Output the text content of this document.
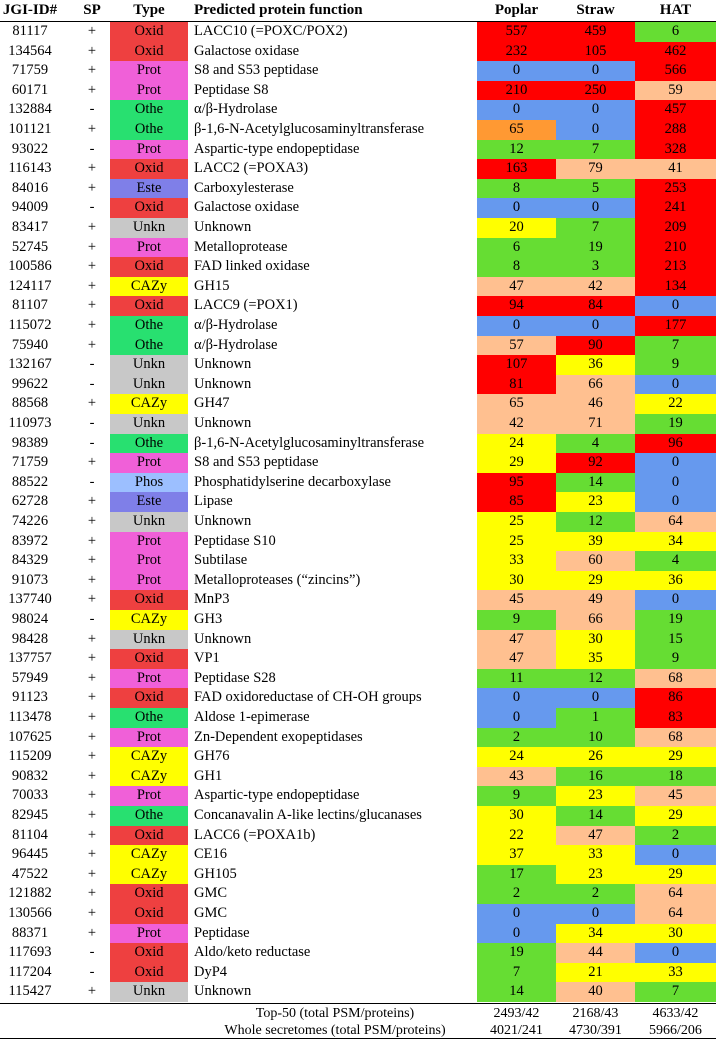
JGI-ID# SP	Type	Predicted protein function	Poplar	Straw	HAT
81117	+	Oxid	LACC10 (=POXC/POX2)	557	459	6
134564	+	Oxid	Galactose oxidase	232	105	462
71759	+	Prot	S8 and S53 peptidase	0	0	566
60171	+	Prot	Peptidase S8	210	250	59
132884	-	Othe	α/β-Hydrolase	0	0	457
101121	+	Othe	β-1,6-N-Acetylglucosaminyltransferase	65	0	288
93022	-	Prot	Aspartic-type endopeptidase	12	7	328
116143	+	Oxid	LACC2 (=POXA3)	163	79	41
84016	+	Este	Carboxylesterase	8	5	253
94009	-	Oxid	Galactose oxidase	0	0	241
83417	+	Unkn	Unknown	20	7	209
52745	+	Prot	Metalloprotease	6	19	210
100586	+	Oxid	FAD linked oxidase	8	3	213
124117	+	CAZy	GH15	47	42	134
81107	+	Oxid	LACC9 (=POX1)	94	84	0
115072	+	Othe	α/β-Hydrolase	0	0	177
75940	+	Othe	α/β-Hydrolase	57	90	7
132167	-	Unkn	Unknown	107	36	9
99622	-	Unkn	Unknown	81	66	0
88568	+	CAZy	GH47	65	46	22
110973	-	Unkn	Unknown	42	71	19
98389	-	Othe	β-1,6-N-Acetylglucosaminyltransferase	24	4	96
71759	+	Prot	S8 and S53 peptidase	29	92	0
88522	-	Phos	Phosphatidylserine decarboxylase	95	14	0
62728	+	Este	Lipase	85	23	0
74226	+	Unkn	Unknown	25	12	64
83972	+	Prot	Peptidase S10	25	39	34
84329	+	Prot	Subtilase	33	60	4
91073	+	Prot	Metalloproteases (“zincins”)	30	29	36
137740	+	Oxid	MnP3	45	49	0
98024	-	CAZy	GH3	9	66	19
98428	+	Unkn	Unknown	47	30	15
137757	+	Oxid	VP1	47	35	9
57949	+	Prot	Peptidase S28	11	12	68
91123	+	Oxid	FAD oxidoreductase of CH-OH groups	0	0	86
113478	+	Othe	Aldose 1-epimerase	0	1	83
107625	+	Prot	Zn-Dependent exopeptidases	2	10	68
115209	+	CAZy	GH76	24	26	29
90832	+	CAZy	GH1	43	16	18
70033	+	Prot	Aspartic-type endopeptidase	9	23	45
82945	+	Othe	Concanavalin A-like lectins/glucanases	30	14	29
81104	+	Oxid	LACC6 (=POXA1b)	22	47	2
96445	+	CAZy	CE16	37	33	0
47522	+	CAZy	GH105	17	23	29
121882	+	Oxid	GMC	2	2	64
130566	+	Oxid	GMC	0	0	64
88371	+	Prot	Peptidase	0	34	30
117693	-	Oxid	Aldo/keto reductase	19	44	0
117204	-	Oxid	DyP4	7	21	33
115427	+	Unkn	Unknown	14	40	7
Top-50 (total PSM/proteins)	2493/42	2168/43	4633/42
Whole secretomes (total PSM/proteins)	4021/241	4730/391	5966/206
